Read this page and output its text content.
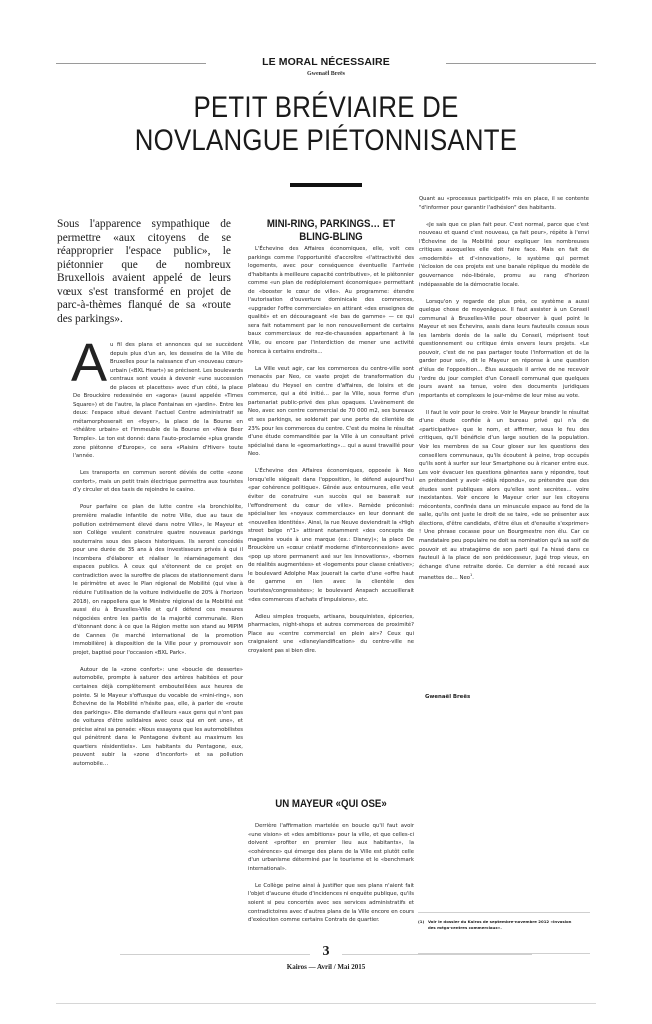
LE MORAL NÉCESSAIRE
Gwenaël Breës
PETIT BRÉVIAIRE DE
NOVLANGUE PIÉTONNISANTE
Sous l'apparence sympathique de permettre «aux citoyens de se réapproprier l'espace public», le piétonnier que de nombreux Bruxellois avaient appelé de leurs vœux s'est transformé en projet de parc-à-thèmes flanqué de sa «route des parkings».

Au fil des plans et annonces qui se succèdent depuis plus d'un an, les desseins de la Ville de Bruxelles pour la naissance d'un «nouveau cœur» urbain («BXL Heart») se précisent. Les boulevards centraux sont voués à devenir «une succession de places et placettes» avec d'un côté, la place De Brouckère redessinée en «agora» (aussi appelée «Times Square») et de l'autre, la place Fontainas en «jardin». Entre les deux: l'espace situé devant l'actuel Centre administratif se métamorphoserait en «foyer», la place de la Bourse en «théâtre urbain» et l'immeuble de la Bourse en «New Beer Temple». Le ton est donné: dans l'auto-proclamée «plus grande zone piétonne d'Europe», ce sera «Plaisirs d'Hiver» toute l'année.

Les transports en commun seront déviés de cette «zone confort», mais un petit train électrique permettra aux touristes d'y circuler et des taxis de rejoindre le casino.

Pour parfaire ce plan de lutte contre «la bronchiolite, première maladie infantile de notre Ville, due au taux de pollution extrêmement élevé dans notre Ville», le Mayeur et son Collège veulent construire quatre nouveaux parkings souterrains sous des places historiques. Ils seront concédés pour une durée de 35 ans à des investisseurs privés à qui il incombera d'élaborer et réaliser le réaménagement des espaces publics. À ceux qui s'étonnent de ce projet en contradiction avec la suroffre de places de stationnement dans le périmètre et avec le Plan régional de Mobilité (qui vise à réduire l'utilisation de la voiture individuelle de 20% à l'horizon 2018), on rappellera que le Ministre régional de la Mobilité est aussi élu à Bruxelles-Ville et qu'il défend ces mesures négociées entre les partis de la majorité communale. Rien d'étonnant donc à ce que la Région mette son stand au MIPIM de Cannes (le marché international de la promotion immobilière) à disposition de la Ville pour y promouvoir son projet, baptisé pour l'occasion «BXL Park».

Autour de la «zone confort»: une «boucle de desserte» automobile, prompte à saturer des artères habitées et pour certaines déjà complètement embouteillées aux heures de pointe. Si le Mayeur s'offusque du vocable de «mini-ring», son Échevine de la Mobilité n'hésite pas, elle, à parler de «route des parkings». Elle demande d'ailleurs «aux gens qui n'ont pas de voitures d'être solidaires avec ceux qui en ont une», et précise ainsi sa pensée: «Nous essayons que les automobilistes qui pénètrent dans le Pentagone évitent au maximum les quartiers résidentiels». Les habitants du Pentagone, eux, peuvent subir la «zone d'inconfort» et sa pollution automobile…

MINI-RING, PARKINGS… ET BLING-BLING

L'Échevine des Affaires économiques, elle, voit ces parkings comme l'opportunité d'accroître «l'attractivité des logements, avec pour conséquence éventuelle l'arrivée d'habitants à meilleure capacité contributive», et le piétonnier comme «un plan de redéploiement économique» permettant de «booster le cœur de ville». Au programme: étendre l'autorisation d'ouverture dominicale des commerces, «upgrader l'offre commerciale» en attirant «des enseignes de qualité» et en décourageant «le bas de gamme» — ce qui sera fait notamment par le non renouvellement de certains baux commerciaux de rez-de-chaussées appartenant à la Ville, ou encore par l'interdiction de mener une activité horeca à certains endroits…

La Ville veut agir, car les commerces du centre-ville sont menacés par Neo, ce vaste projet de transformation du plateau du Heysel en centre d'affaires, de loisirs et de commerce, qui a été initié… par la Ville, sous forme d'un partenariat public-privé des plus opaques. L'avènement de Neo, avec son centre commercial de 70 000 m2, ses bureaux et ses parkings, se solderait par une perte de clientèle de 23% pour les commerces du centre. C'est du moins le résultat d'une étude commanditée par la Ville à un consultant privé spécialisé dans le «geomarketing»… qui a aussi travaillé pour Neo.

L'Échevine des Affaires économiques, opposée à Neo lorsqu'elle siégeait dans l'opposition, le défend aujourd'hui «par cohérence politique». Gênée aux entournures, elle veut éviter de construire «un succès qui se baserait sur l'effondrement du cœur de ville». Remède préconisé: spécialiser les «noyaux commerciaux» en leur donnant de «nouvelles identités». Ainsi, la rue Neuve deviendrait la «High street belge n°1» attirant notamment «des concepts de magasins voués à une marque (ex.: Disney)»; la place De Brouckère un «cœur créatif moderne d'interconnexion» avec «pop up store permanent axé sur les innovations», «bornes de réalités augmentées» et «logements pour classe créative»; le boulevard Adolphe Max jouerait la carte d'une «offre haut de gamme en lien avec la clientèle des touristes/congressistes»; le boulevard Anspach accueillerait «des commerces d'achats d'impulsions», etc.

Adieu simples troquets, artisans, bouquinistes, épiceries, pharmacies, night-shops et autres commerces de proximité? Place au «centre commercial en plein air»? Ceux qui craignaient une «disneylandification» du centre-ville ne croyaient pas si bien dire.

UN MAYEUR «QUI OSE»

Derrière l'affirmation martelée en boucle qu'il faut avoir «une vision» et «des ambitions» pour la ville, et que celles-ci doivent «profiter en premier lieu aux habitants», la «cohérence» qui émerge des plans de la Ville est plutôt celle d'un urbanisme déterminé par le tourisme et le «benchmark international».

Le Collège peine ainsi à justifier que ses plans n'aient fait l'objet d'aucune étude d'incidences ni enquête publique, qu'ils soient si peu concertés avec ses services administratifs et contradictoires avec d'autres plans de la Ville encore en cours d'exécution comme certains Contrats de quartier.

Quant au «processus participatif» mis en place, il se contente "d'informer pour garantir l'adhésion" des habitants.

«Je sais que ce plan fait peur. C'est normal, parce que c'est nouveau et quand c'est nouveau, ça fait peur», répète à l'envi l'Échevine de la Mobilité pour expliquer les nombreuses critiques auxquelles elle doit faire face. Mais en fait de «modernité» et d'«innovation», le système qui permet l'éclosion de ces projets est une banale réplique du modèle de gouvernance néo-libérale, promu au rang d'horizon indépassable de la démocratie locale.

Lorsqu'on y regarde de plus près, ce système a aussi quelque chose de moyenâgeux. Il faut assister à un Conseil communal à Bruxelles-Ville pour observer à quel point le Mayeur et ses Échevins, assis dans leurs fauteuils cossus sous les lambris dorés de la salle du Conseil, méprisent tout questionnement ou critique émis envers leurs projets. «Le pouvoir, c'est de ne pas partager toute l'information et de la garder pour soi», dit le Mayeur en réponse à une question d'élus de l'opposition… Élus auxquels il arrive de ne recevoir l'ordre du jour complet d'un Conseil communal que quelques jours avant sa tenue, voire des documents juridiques importants et complexes le jour-même de leur mise au vote.

Il faut le voir pour le croire. Voir le Mayeur brandir le résultat d'une étude confiée à un bureau privé qui n'a de «participative» que le nom, et affirmer, sous le feu des critiques, qu'il bénéficie d'un large soutien de la population. Voir les membres de sa Cour gloser sur les questions des conseillers communaux, qu'ils écoutent à peine, trop occupés qu'ils sont à surfer sur leur Smartphone ou à ricaner entre eux. Les voir évacuer les questions gênantes sans y répondre, tout en prétendant y avoir «déjà répondu», ou prétendre que des études sont publiques alors qu'elles sont secrètes… voire inexistantes. Voir encore le Mayeur crier sur les citoyens mécontents, confinés dans un minuscule espace au fond de la salle, qu'ils ont juste le droit de se taire, «de se présenter aux élections, d'être candidats, d'être élus et d'ensuite s'exprimer» ! Une phrase cocasse pour un Bourgmestre non élu. Car ce mandataire peu populaire ne doit sa nomination qu'à sa soif de pouvoir et au stratagème de son parti qui l'a hissé dans ce fauteuil à la place de son prédécesseur, jugé trop vieux, en échange d'une retraite dorée. Ce dernier a été recasé aux manettes de… Neo$^1$.

Gwenaël Breës
(1) Voir le dossier du Kairos de septembre-novembre 2012 «Invasion des méga-centres commerciaux».
3
Kairos — Avril / Mai 2015
